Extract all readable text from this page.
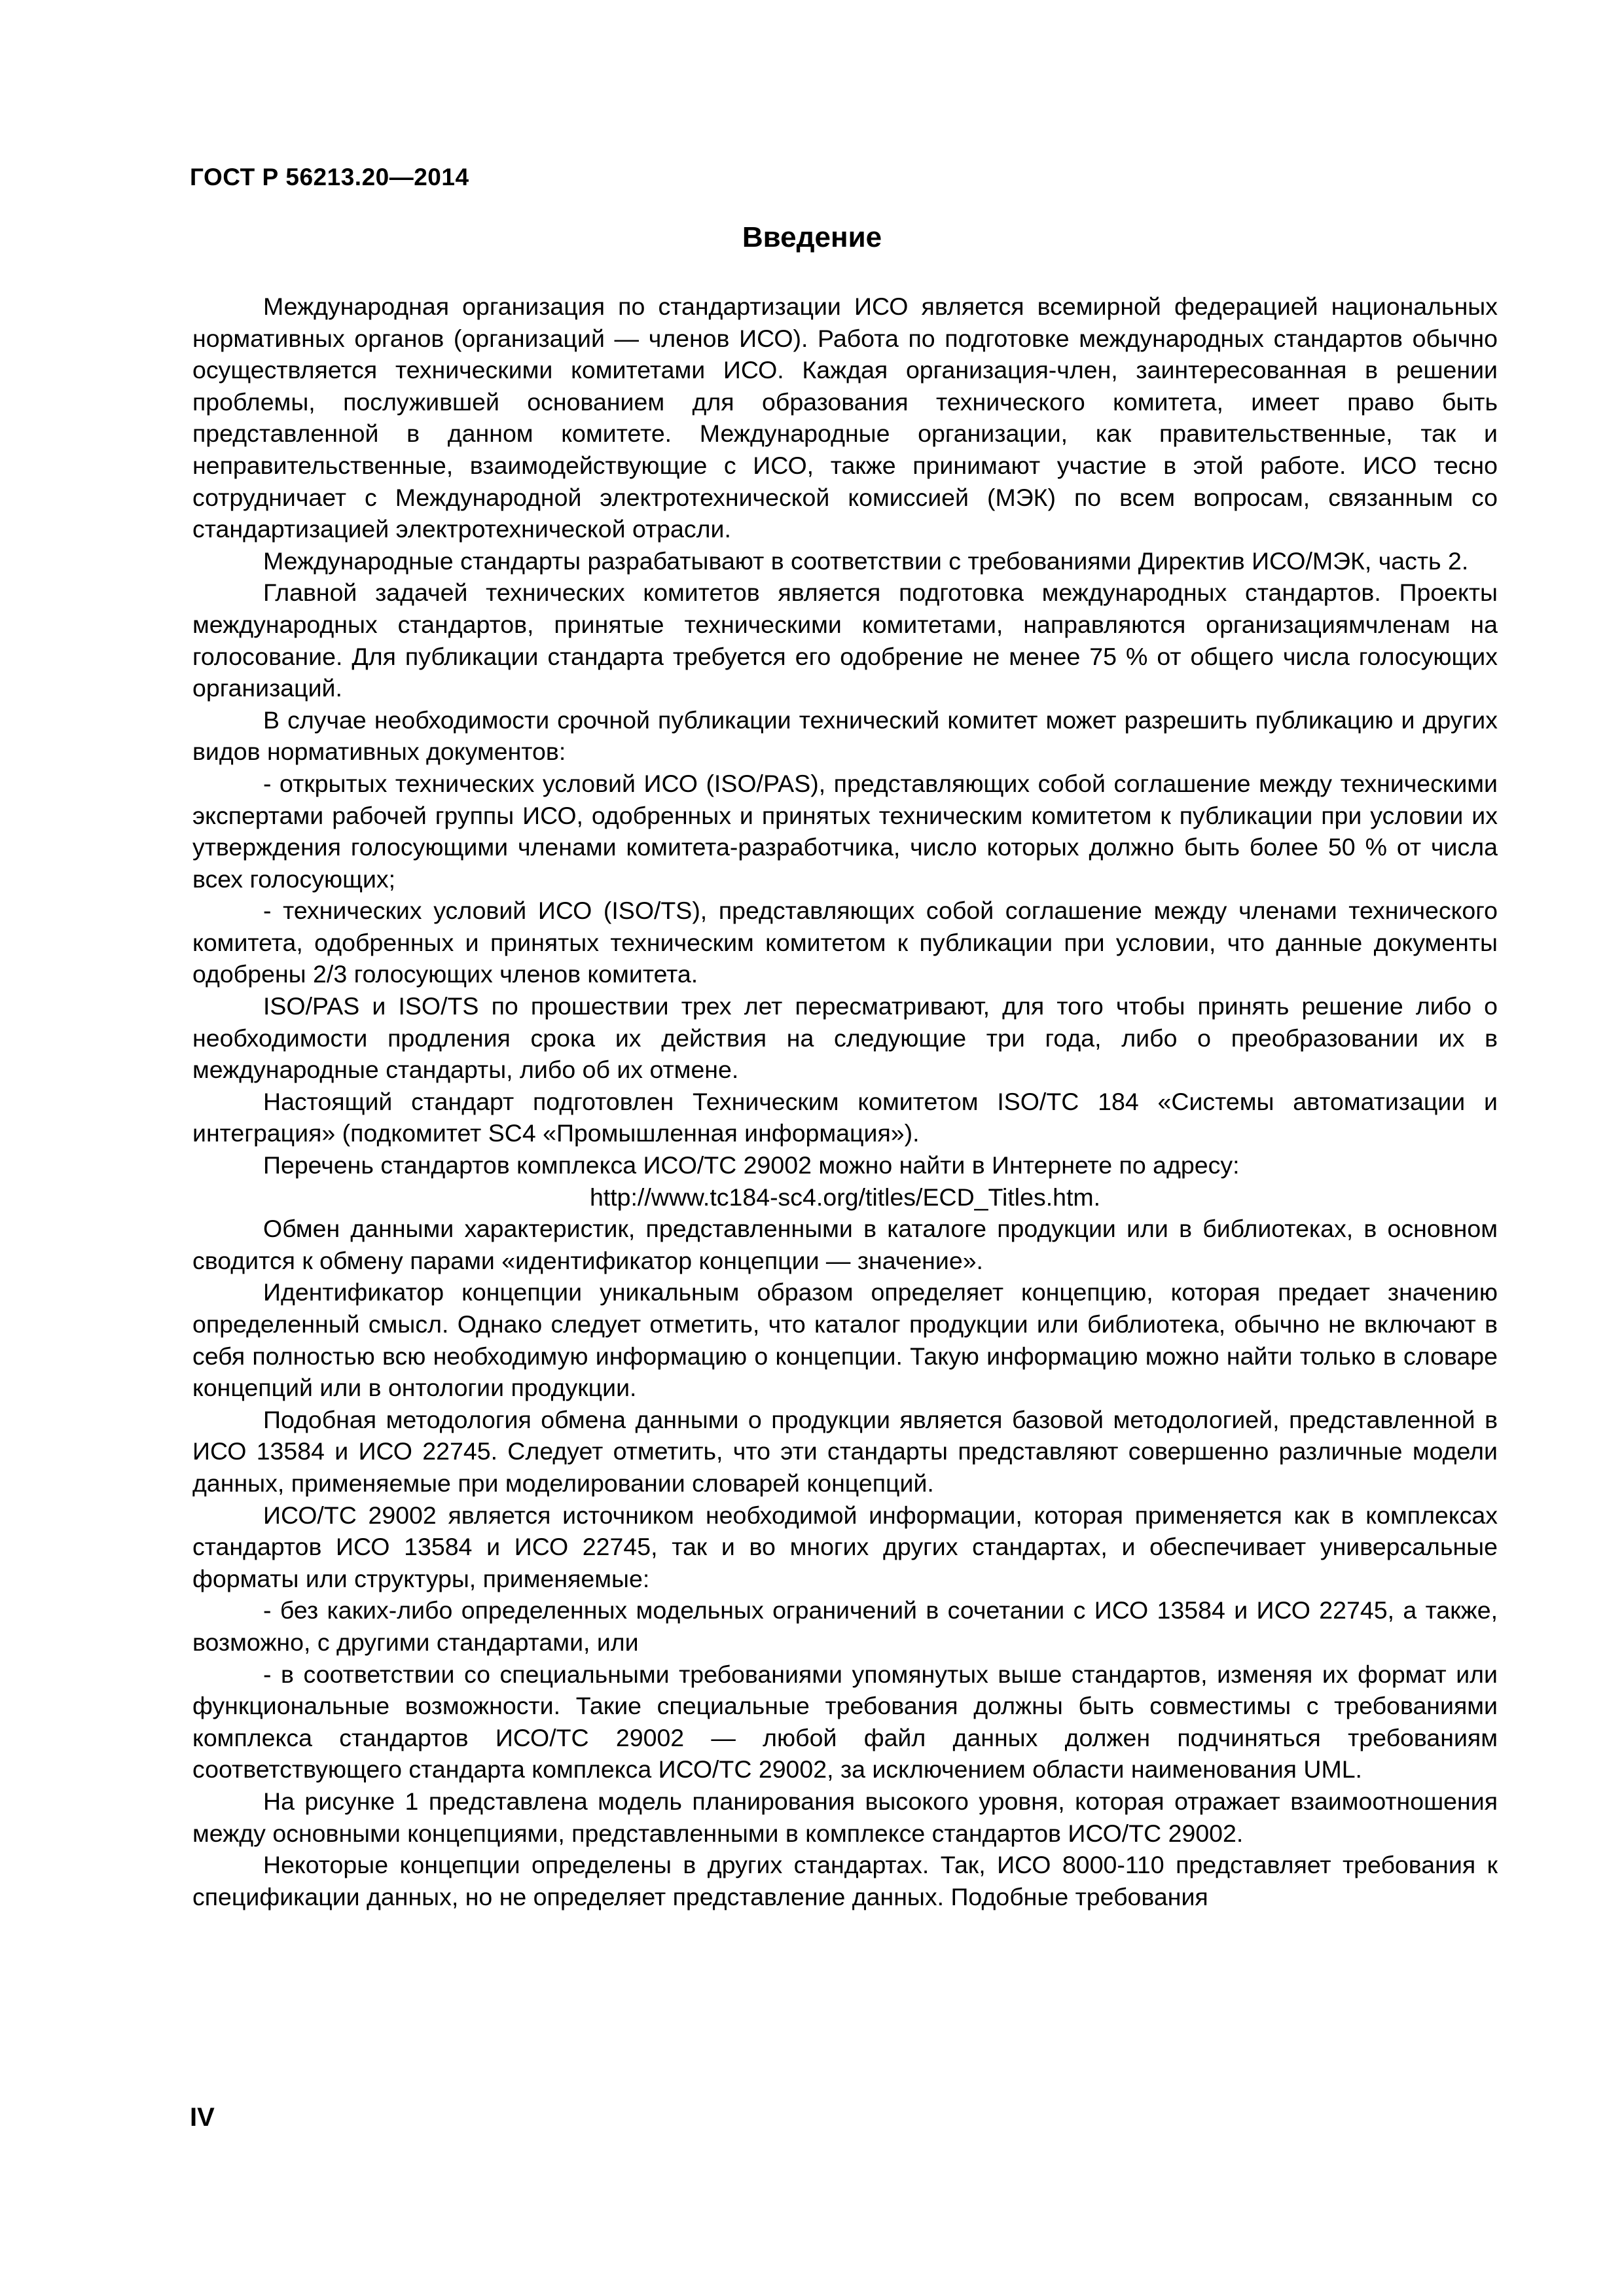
ГОСТ Р 56213.20—2014
Введение

Международная организация по стандартизации ИСО является всемирной федерацией национальных нормативных органов (организаций — членов ИСО). Работа по подготовке международных стандартов обычно осуществляется техническими комитетами ИСО. Каждая организация-член, заинтересованная в решении проблемы, послужившей основанием для образования технического комитета, имеет право быть представленной в данном комитете. Международные организации, как правительственные, так и неправительственные, взаимодействующие с ИСО, также принимают участие в этой работе. ИСО тесно сотрудничает с Международной электротехнической комиссией (МЭК) по всем вопросам, связанным со стандартизацией электротехнической отрасли.

Международные стандарты разрабатывают в соответствии с требованиями Директив ИСО/МЭК, часть 2.

Главной задачей технических комитетов является подготовка международных стандартов. Проекты международных стандартов, принятые техническими комитетами, направляются организациямчленам на голосование. Для публикации стандарта требуется его одобрение не менее 75 % от общего числа голосующих организаций.

В случае необходимости срочной публикации технический комитет может разрешить публикацию и других видов нормативных документов:

- открытых технических условий ИСО (ISO/PAS), представляющих собой соглашение между техническими экспертами рабочей группы ИСО, одобренных и принятых техническим комитетом к публикации при условии их утверждения голосующими членами комитета-разработчика, число которых должно быть более 50 % от числа всех голосующих;

- технических условий ИСО (ISO/TS), представляющих собой соглашение между членами технического комитета, одобренных и принятых техническим комитетом к публикации при условии, что данные документы одобрены 2/3 голосующих членов комитета.

ISO/PAS и ISO/TS по прошествии трех лет пересматривают, для того чтобы принять решение либо о необходимости продления срока их действия на следующие три года, либо о преобразовании их в международные стандарты, либо об их отмене.

Настоящий стандарт подготовлен Техническим комитетом ISO/TC 184 «Системы автоматизации и интеграция» (подкомитет SC4 «Промышленная информация»).

Перечень стандартов комплекса ИСО/ТС 29002 можно найти в Интернете по адресу:

http://www.tc184-sc4.org/titles/ECD_Titles.htm.

Обмен данными характеристик, представленными в каталоге продукции или в библиотеках, в основном сводится к обмену парами «идентификатор концепции — значение».

Идентификатор концепции уникальным образом определяет концепцию, которая предает значению определенный смысл. Однако следует отметить, что каталог продукции или библиотека, обычно не включают в себя полностью всю необходимую информацию о концепции. Такую информацию можно найти только в словаре концепций или в онтологии продукции.

Подобная методология обмена данными о продукции является базовой методологией, представленной в ИСО 13584 и ИСО 22745. Следует отметить, что эти стандарты представляют совершенно различные модели данных, применяемые при моделировании словарей концепций.

ИСО/ТС 29002 является источником необходимой информации, которая применяется как в комплексах стандартов ИСО 13584 и ИСО 22745, так и во многих других стандартах, и обеспечивает универсальные форматы или структуры, применяемые:

- без каких-либо определенных модельных ограничений в сочетании с ИСО 13584 и ИСО 22745, а также, возможно, с другими стандартами, или

- в соответствии со специальными требованиями упомянутых выше стандартов, изменяя их формат или функциональные возможности. Такие специальные требования должны быть совместимы с требованиями комплекса стандартов ИСО/ТС 29002 — любой файл данных должен подчиняться требованиям соответствующего стандарта комплекса ИСО/ТС 29002, за исключением области наименования UML.

На рисунке 1 представлена модель планирования высокого уровня, которая отражает взаимоотношения между основными концепциями, представленными в комплексе стандартов ИСО/ТС 29002.

Некоторые концепции определены в других стандартах. Так, ИСО 8000-110 представляет требования к спецификации данных, но не определяет представление данных. Подобные требования

IV
